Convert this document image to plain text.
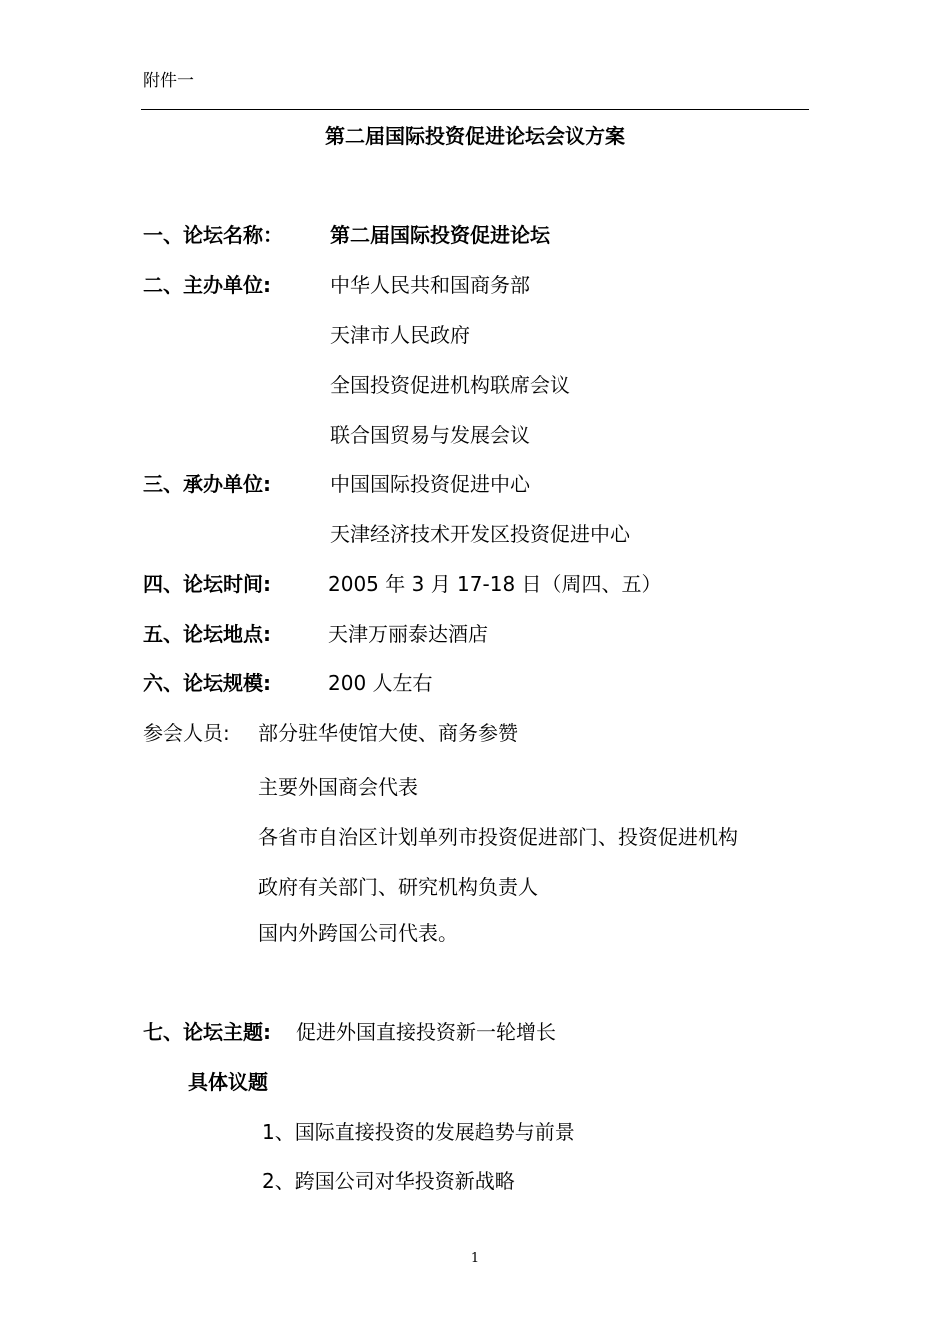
附件一
第二届国际投资促进论坛会议方案
一、论坛名称： 第二届国际投资促进论坛
二、主办单位:	中华人民共和国商务部
天津市人民政府
全国投资促进机构联席会议
联合国贸易与发展会议
三、承办单位:	中国国际投资促进中心
天津经济技术开发区投资促进中心
四、论坛时间:	2005 年 3 月 17-18 日（周四、五）
五、论坛地点:	天津万丽泰达酒店
六、论坛规模:	200 人左右
参会人员: 部分驻华使馆大使、商务参赞
主要外国商会代表
各省市自治区计划单列市投资促进部门、投资促进机构
政府有关部门、研究机构负责人
国内外跨国公司代表。
七、论坛主题: 促进外国直接投资新一轮增长
具体议题
1、国际直接投资的发展趋势与前景
2、跨国公司对华投资新战略
1
